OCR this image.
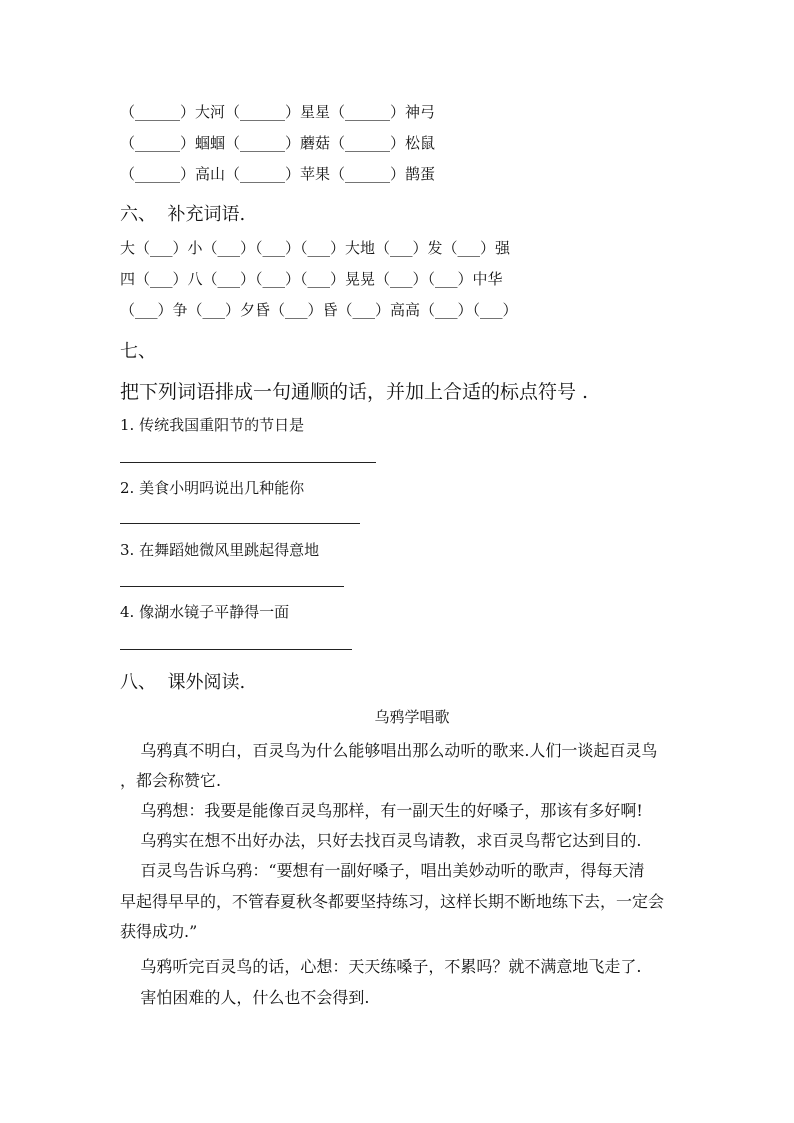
（______）大河（______）星星（______）神弓
（______）蝈蝈（______）蘑菇（______）松鼠
（______）高山（______）苹果（______）鹊蛋
六、  补充词语.
大（___）小（___）（___）（___）大地（___）发（___）强
四（___）八（___）（___）（___）晃晃（___）（___）中华
（___）争（___）夕昏（___）昏（___）高高（___）（___）
七、
把下列词语排成一句通顺的话，并加上合适的标点符号 .
1. 传统我国重阳节的节日是
2. 美食小明吗说出几种能你
3. 在舞蹈她微风里跳起得意地
4. 像湖水镜子平静得一面
八、  课外阅读.
乌鸦学唱歌
乌鸦真不明白，百灵鸟为什么能够唱出那么动听的歌来.人们一谈起百灵鸟
，都会称赞它.
乌鸦想：我要是能像百灵鸟那样，有一副天生的好嗓子，那该有多好啊!
乌鸦实在想不出好办法，只好去找百灵鸟请教，求百灵鸟帮它达到目的.
百灵鸟告诉乌鸦：“要想有一副好嗓子，唱出美妙动听的歌声，得每天清
早起得早早的，不管春夏秋冬都要坚持练习，这样长期不断地练下去，一定会
获得成功.”
乌鸦听完百灵鸟的话，心想：天天练嗓子，不累吗？就不满意地飞走了.
害怕困难的人，什么也不会得到.
